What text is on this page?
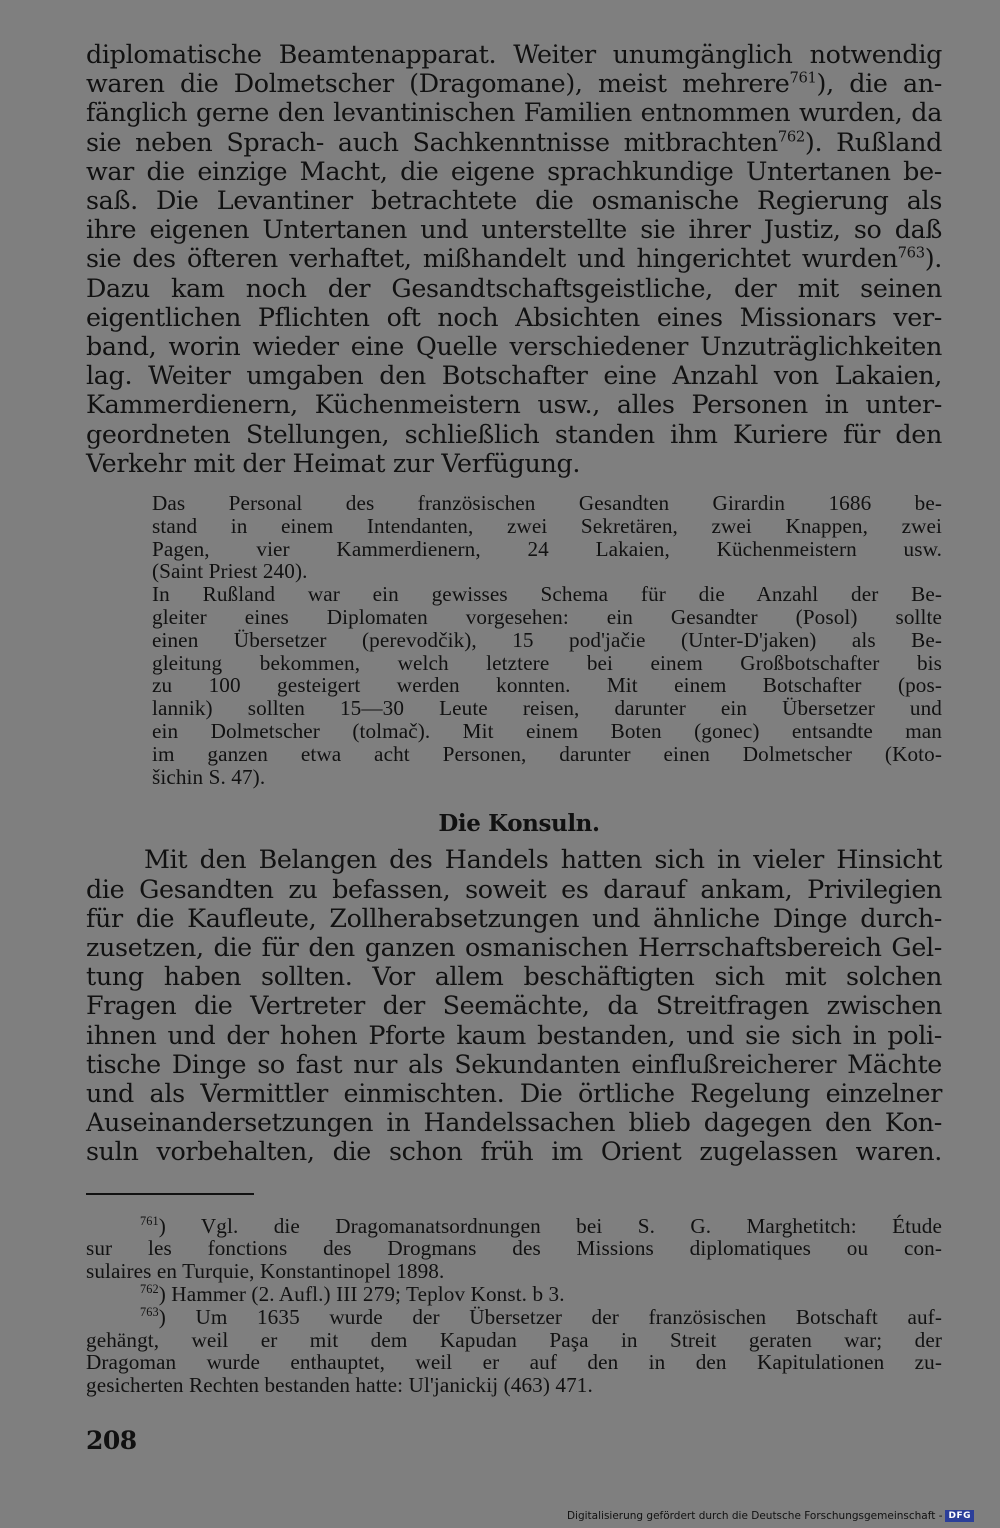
diplomatische Beamtenapparat. Weiter unumgänglich notwendig
waren die Dolmetscher (Dragomane), meist mehrere$^{761}$), die an-
fänglich gerne den levantinischen Familien entnommen wurden, da
sie neben Sprach- auch Sachkenntnisse mitbrachten$^{762}$). Rußland
war die einzige Macht, die eigene sprachkundige Untertanen be-
saß. Die Levantiner betrachtete die osmanische Regierung als
ihre eigenen Untertanen und unterstellte sie ihrer Justiz, so daß
sie des öfteren verhaftet, mißhandelt und hingerichtet wurden$^{763}$).
Dazu kam noch der Gesandtschaftsgeistliche, der mit seinen
eigentlichen Pflichten oft noch Absichten eines Missionars ver-
band, worin wieder eine Quelle verschiedener Unzuträglichkeiten
lag. Weiter umgaben den Botschafter eine Anzahl von Lakaien,
Kammerdienern, Küchenmeistern usw., alles Personen in unter-
geordneten Stellungen, schließlich standen ihm Kuriere für den
Verkehr mit der Heimat zur Verfügung.
Das Personal des französischen Gesandten Girardin 1686 be-
stand in einem Intendanten, zwei Sekretären, zwei Knappen, zwei
Pagen, vier Kammerdienern, 24 Lakaien, Küchenmeistern usw.
(Saint Priest 240).
In Rußland war ein gewisses Schema für die Anzahl der Be-
gleiter eines Diplomaten vorgesehen: ein Gesandter (Posol) sollte
einen Übersetzer (perevodčik), 15 pod'jačie (Unter-D'jaken) als Be-
gleitung bekommen, welch letztere bei einem Großbotschafter bis
zu 100 gesteigert werden konnten. Mit einem Botschafter (pos-
lannik) sollten 15—30 Leute reisen, darunter ein Übersetzer und
ein Dolmetscher (tolmač). Mit einem Boten (gonec) entsandte man
im ganzen etwa acht Personen, darunter einen Dolmetscher (Koto-
šichin S. 47).
Die Konsuln.
Mit den Belangen des Handels hatten sich in vieler Hinsicht
die Gesandten zu befassen, soweit es darauf ankam, Privilegien
für die Kaufleute, Zollherabsetzungen und ähnliche Dinge durch-
zusetzen, die für den ganzen osmanischen Herrschaftsbereich Gel-
tung haben sollten. Vor allem beschäftigten sich mit solchen
Fragen die Vertreter der Seemächte, da Streitfragen zwischen
ihnen und der hohen Pforte kaum bestanden, und sie sich in poli-
tische Dinge so fast nur als Sekundanten einflußreicherer Mächte
und als Vermittler einmischten. Die örtliche Regelung einzelner
Auseinandersetzungen in Handelssachen blieb dagegen den Kon-
suln vorbehalten, die schon früh im Orient zugelassen waren.
$^{761}$) Vgl. die Dragomanatsordnungen bei S. G. Marghetitch: Étude
sur les fonctions des Drogmans des Missions diplomatiques ou con-
sulaires en Turquie, Konstantinopel 1898.
$^{762}$) Hammer (2. Aufl.) III 279; Teplov Konst. b 3.
$^{763}$) Um 1635 wurde der Übersetzer der französischen Botschaft auf-
gehängt, weil er mit dem Kapudan Paşa in Streit geraten war; der
Dragoman wurde enthauptet, weil er auf den in den Kapitulationen zu-
gesicherten Rechten bestanden hatte: Ul'janickij (463) 471.
208
Digitalisierung gefördert durch die Deutsche Forschungsgemeinschaft - DFG
